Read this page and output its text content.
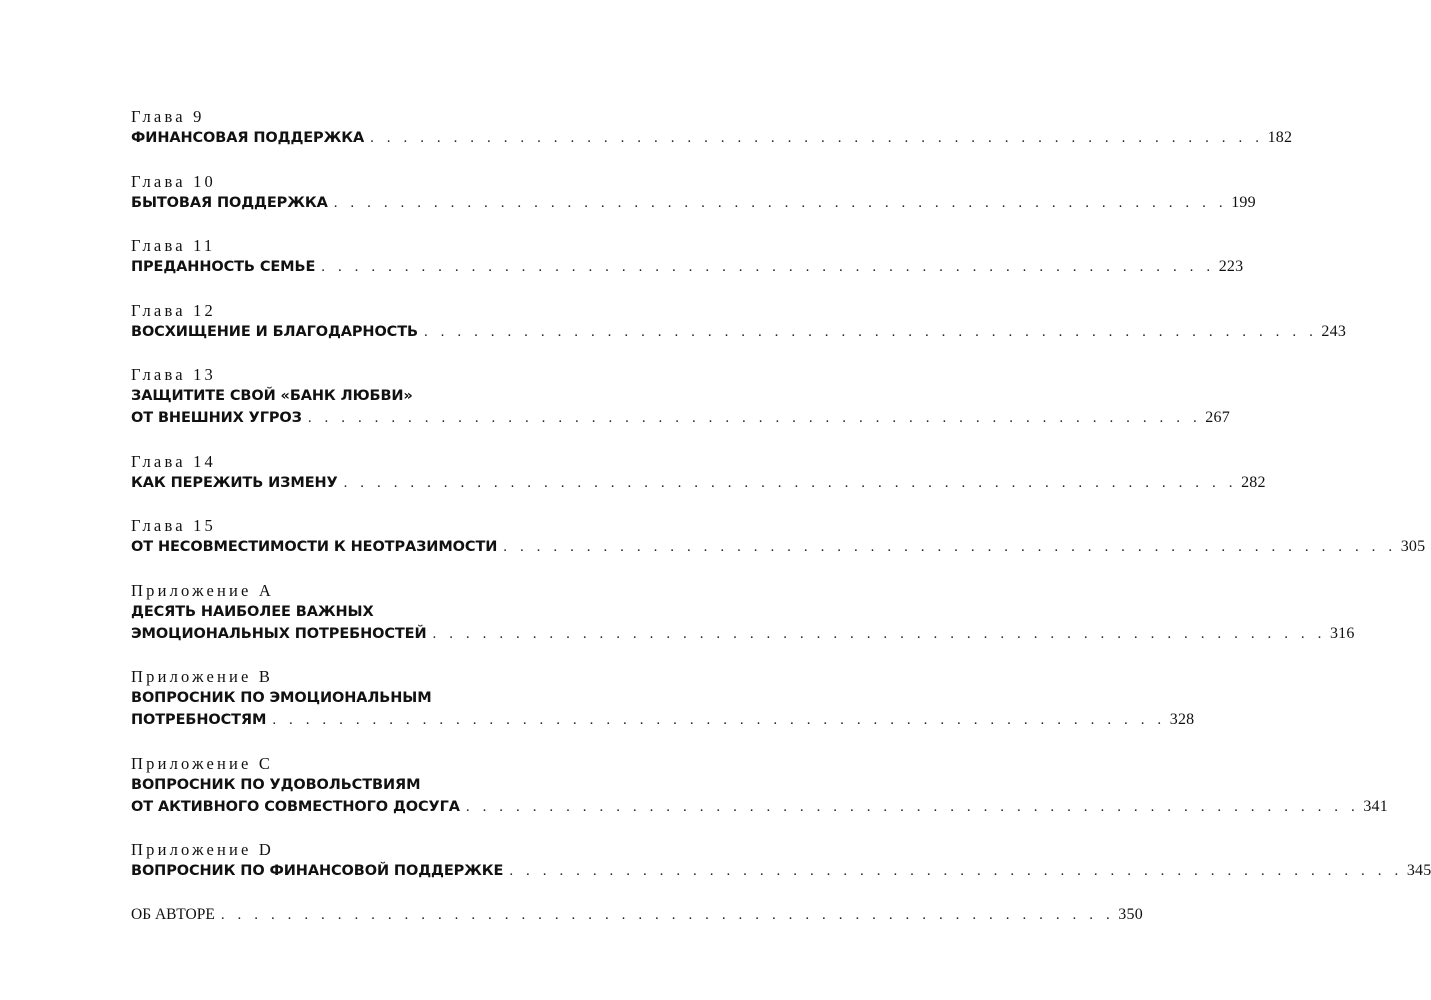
Глава 9
ФИНАНСОВАЯ ПОДДЕРЖКА . . . . . . . . . . . . . . . . . . . . . . . . . . . . . . . . . . . . . . . . . . . . . . . . . . . . . . 182
Глава 10
БЫТОВАЯ ПОДДЕРЖКА . . . . . . . . . . . . . . . . . . . . . . . . . . . . . . . . . . . . . . . . . . . . . . . . . . . . . . 199
Глава 11
ПРЕДАННОСТЬ СЕМЬЕ . . . . . . . . . . . . . . . . . . . . . . . . . . . . . . . . . . . . . . . . . . . . . . . . . . . . . . 223
Глава 12
ВОСХИЩЕНИЕ И БЛАГОДАРНОСТЬ . . . . . . . . . . . . . . . . . . . . . . . . . . . . . . . . . . . . . . . . . . . . . . . . . . . . . . 243
Глава 13
ЗАЩИТИТЕ СВОЙ «БАНК ЛЮБВИ»
ОТ ВНЕШНИХ УГРОЗ . . . . . . . . . . . . . . . . . . . . . . . . . . . . . . . . . . . . . . . . . . . . . . . . . . . . . . 267
Глава 14
КАК ПЕРЕЖИТЬ ИЗМЕНУ . . . . . . . . . . . . . . . . . . . . . . . . . . . . . . . . . . . . . . . . . . . . . . . . . . . . . . 282
Глава 15
ОТ НЕСОВМЕСТИМОСТИ К НЕОТРАЗИМОСТИ . . . . . . . . . . . . . . . . . . . . . . . . . . . . . . . . . . . . . . . . . . . . . . . . . . . . . . 305
Приложение A
ДЕСЯТЬ НАИБОЛЕЕ ВАЖНЫХ
ЭМОЦИОНАЛЬНЫХ ПОТРЕБНОСТЕЙ . . . . . . . . . . . . . . . . . . . . . . . . . . . . . . . . . . . . . . . . . . . . . . . . . . . . . . 316
Приложение B
ВОПРОСНИК ПО ЭМОЦИОНАЛЬНЫМ
ПОТРЕБНОСТЯМ . . . . . . . . . . . . . . . . . . . . . . . . . . . . . . . . . . . . . . . . . . . . . . . . . . . . . . 328
Приложение C
ВОПРОСНИК ПО УДОВОЛЬСТВИЯМ
ОТ АКТИВНОГО СОВМЕСТНОГО ДОСУГА . . . . . . . . . . . . . . . . . . . . . . . . . . . . . . . . . . . . . . . . . . . . . . . . . . . . . . 341
Приложение D
ВОПРОСНИК ПО ФИНАНСОВОЙ ПОДДЕРЖКЕ . . . . . . . . . . . . . . . . . . . . . . . . . . . . . . . . . . . . . . . . . . . . . . . . . . . . . . 345
ОБ АВТОРЕ . . . . . . . . . . . . . . . . . . . . . . . . . . . . . . . . . . . . . . . . . . . . . . . . . . . . . . 350
